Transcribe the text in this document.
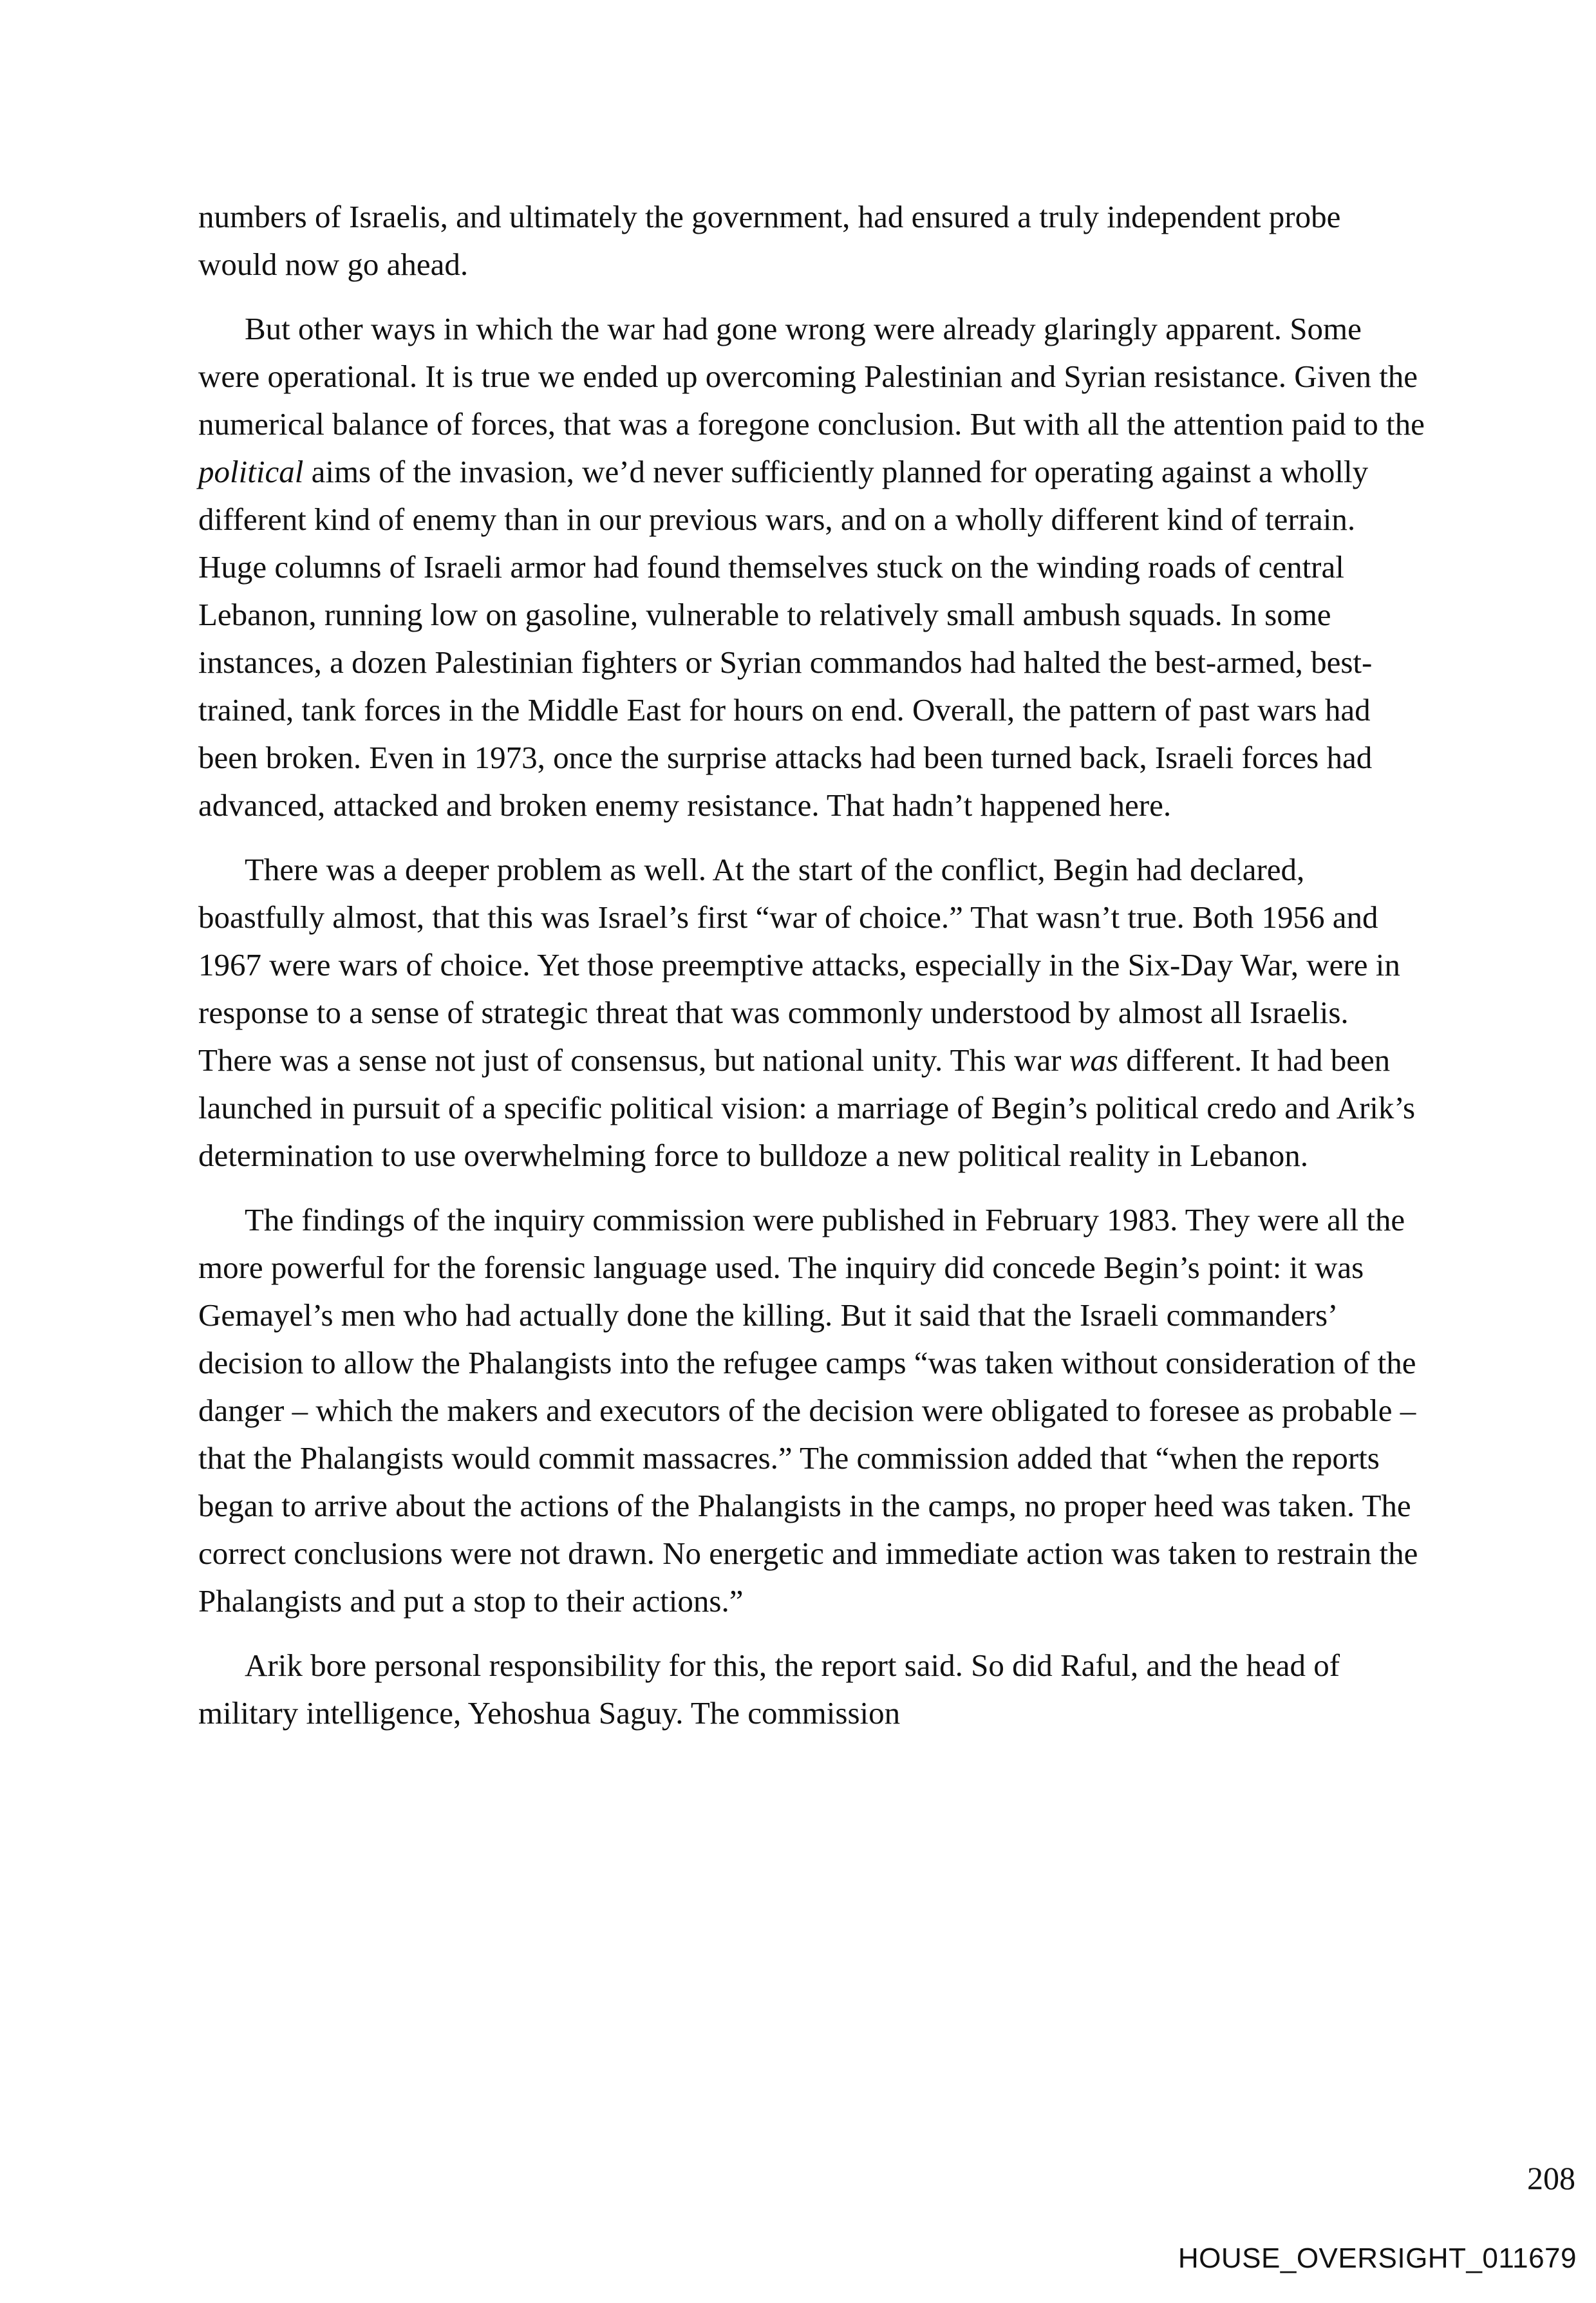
numbers of Israelis, and ultimately the government, had ensured a truly independent probe would now go ahead.

But other ways in which the war had gone wrong were already glaringly apparent. Some were operational. It is true we ended up overcoming Palestinian and Syrian resistance. Given the numerical balance of forces, that was a foregone conclusion. But with all the attention paid to the political aims of the invasion, we’d never sufficiently planned for operating against a wholly different kind of enemy than in our previous wars, and on a wholly different kind of terrain. Huge columns of Israeli armor had found themselves stuck on the winding roads of central Lebanon, running low on gasoline, vulnerable to relatively small ambush squads. In some instances, a dozen Palestinian fighters or Syrian commandos had halted the best-armed, best-trained, tank forces in the Middle East for hours on end. Overall, the pattern of past wars had been broken. Even in 1973, once the surprise attacks had been turned back, Israeli forces had advanced, attacked and broken enemy resistance. That hadn’t happened here.

There was a deeper problem as well. At the start of the conflict, Begin had declared, boastfully almost, that this was Israel’s first “war of choice.” That wasn’t true. Both 1956 and 1967 were wars of choice. Yet those preemptive attacks, especially in the Six-Day War, were in response to a sense of strategic threat that was commonly understood by almost all Israelis. There was a sense not just of consensus, but national unity. This war was different. It had been launched in pursuit of a specific political vision: a marriage of Begin’s political credo and Arik’s determination to use overwhelming force to bulldoze a new political reality in Lebanon.

The findings of the inquiry commission were published in February 1983. They were all the more powerful for the forensic language used. The inquiry did concede Begin’s point: it was Gemayel’s men who had actually done the killing. But it said that the Israeli commanders’ decision to allow the Phalangists into the refugee camps “was taken without consideration of the danger – which the makers and executors of the decision were obligated to foresee as probable – that the Phalangists would commit massacres.” The commission added that “when the reports began to arrive about the actions of the Phalangists in the camps, no proper heed was taken. The correct conclusions were not drawn. No energetic and immediate action was taken to restrain the Phalangists and put a stop to their actions.”

Arik bore personal responsibility for this, the report said. So did Raful, and the head of military intelligence, Yehoshua Saguy. The commission

208
HOUSE_OVERSIGHT_011679
